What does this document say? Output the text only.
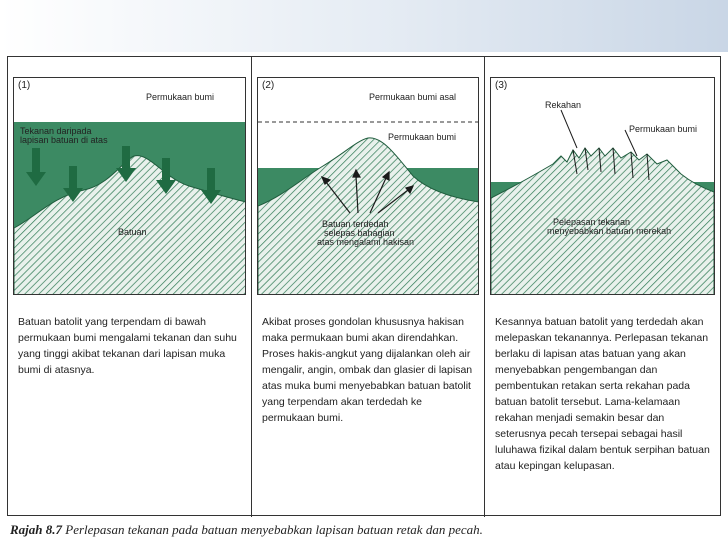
(1)
Permukaan bumi
Tekanan daripada
lapisan batuan di atas
Batuan
Batuan batolit yang terpendam di bawah permukaan bumi mengalami tekanan dan suhu yang tinggi akibat tekanan dari lapisan muka bumi di atasnya.
(2)
Permukaan bumi asal
Permukaan bumi
Batuan terdedah
selepas bahagian
atas mengalami hakisan
Akibat proses gondolan khususnya hakisan maka permukaan bumi akan direndahkan. Proses hakis-angkut yang dijalankan oleh air mengalir, angin, ombak dan glasier di lapisan atas muka bumi menyebabkan batuan batolit yang terpendam akan terdedah ke permukaan bumi.
(3)
Rekahan
Permukaan bumi
Pelepasan tekanan
menyebabkan batuan merekah
Kesannya batuan batolit yang terdedah akan melepaskan tekanannya. Perlepasan tekanan berlaku di lapisan atas batuan yang akan menyebabkan pengembangan dan pembentukan retakan serta rekahan pada batuan batolit tersebut. Lama-kelamaan rekahan menjadi semakin besar dan seterusnya pecah tersepai sebagai hasil luluhawa fizikal dalam bentuk serpihan batuan atau kepingan kelupasan.
Rajah 8.7 Perlepasan tekanan pada batuan menyebabkan lapisan batuan retak dan pecah.
